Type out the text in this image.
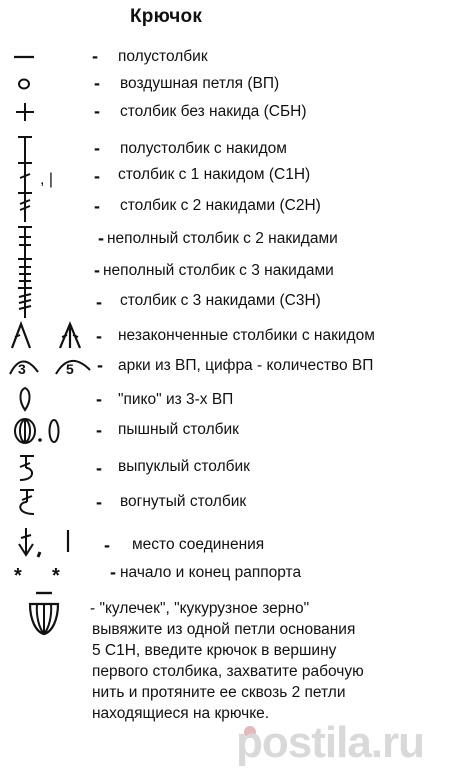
Крючок
- полустолбик
- воздушная петля (ВП)
- столбик без накида (СБН)
- полустолбик с накидом
, | - столбик с 1 накидом (С1Н)
- столбик с 2 накидами (С2Н)
- неполный столбик с 2 накидами
- неполный столбик с 3 накидами
- столбик с 3 накидами (С3Н)
- незаконченные столбики с накидом
3	5 - арки из ВП, цифра - количество ВП
- "пико" из 3-х ВП
- пышный столбик
- выпуклый столбик
- вогнутый столбик
- место соединения
* *	- начало и конец раппорта
- "кулечек", "кукурузное зерно"
вывяжите из одной петли основания
5 С1Н, введите крючок в вершину
первого столбика, захватите рабочую
нить и протяните ее сквозь 2 петли
находящиеся на крючке.
postila.ru
